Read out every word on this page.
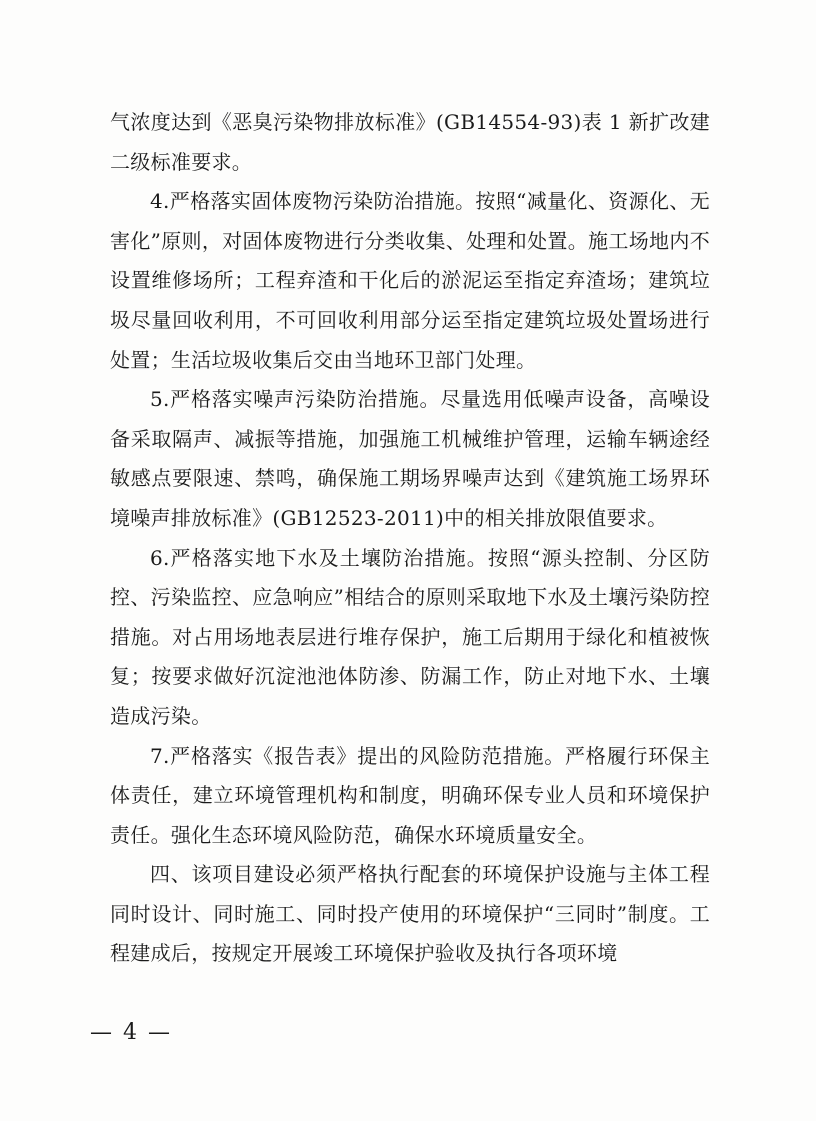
气浓度达到《恶臭污染物排放标准》(GB14554-93)表 1 新扩改建二级标准要求。

4.严格落实固体废物污染防治措施。按照“减量化、资源化、无害化”原则，对固体废物进行分类收集、处理和处置。施工场地内不设置维修场所；工程弃渣和干化后的淤泥运至指定弃渣场；建筑垃圾尽量回收利用，不可回收利用部分运至指定建筑垃圾处置场进行处置；生活垃圾收集后交由当地环卫部门处理。

5.严格落实噪声污染防治措施。尽量选用低噪声设备，高噪设备采取隔声、减振等措施，加强施工机械维护管理，运输车辆途经敏感点要限速、禁鸣，确保施工期场界噪声达到《建筑施工场界环境噪声排放标准》(GB12523-2011)中的相关排放限值要求。

6.严格落实地下水及土壤防治措施。按照“源头控制、分区防控、污染监控、应急响应”相结合的原则采取地下水及土壤污染防控措施。对占用场地表层进行堆存保护，施工后期用于绿化和植被恢复；按要求做好沉淀池池体防渗、防漏工作，防止对地下水、土壤造成污染。

7.严格落实《报告表》提出的风险防范措施。严格履行环保主体责任，建立环境管理机构和制度，明确环保专业人员和环境保护责任。强化生态环境风险防范，确保水环境质量安全。

四、该项目建设必须严格执行配套的环境保护设施与主体工程同时设计、同时施工、同时投产使用的环境保护“三同时”制度。工程建成后，按规定开展竣工环境保护验收及执行各项环境

— 4 —
